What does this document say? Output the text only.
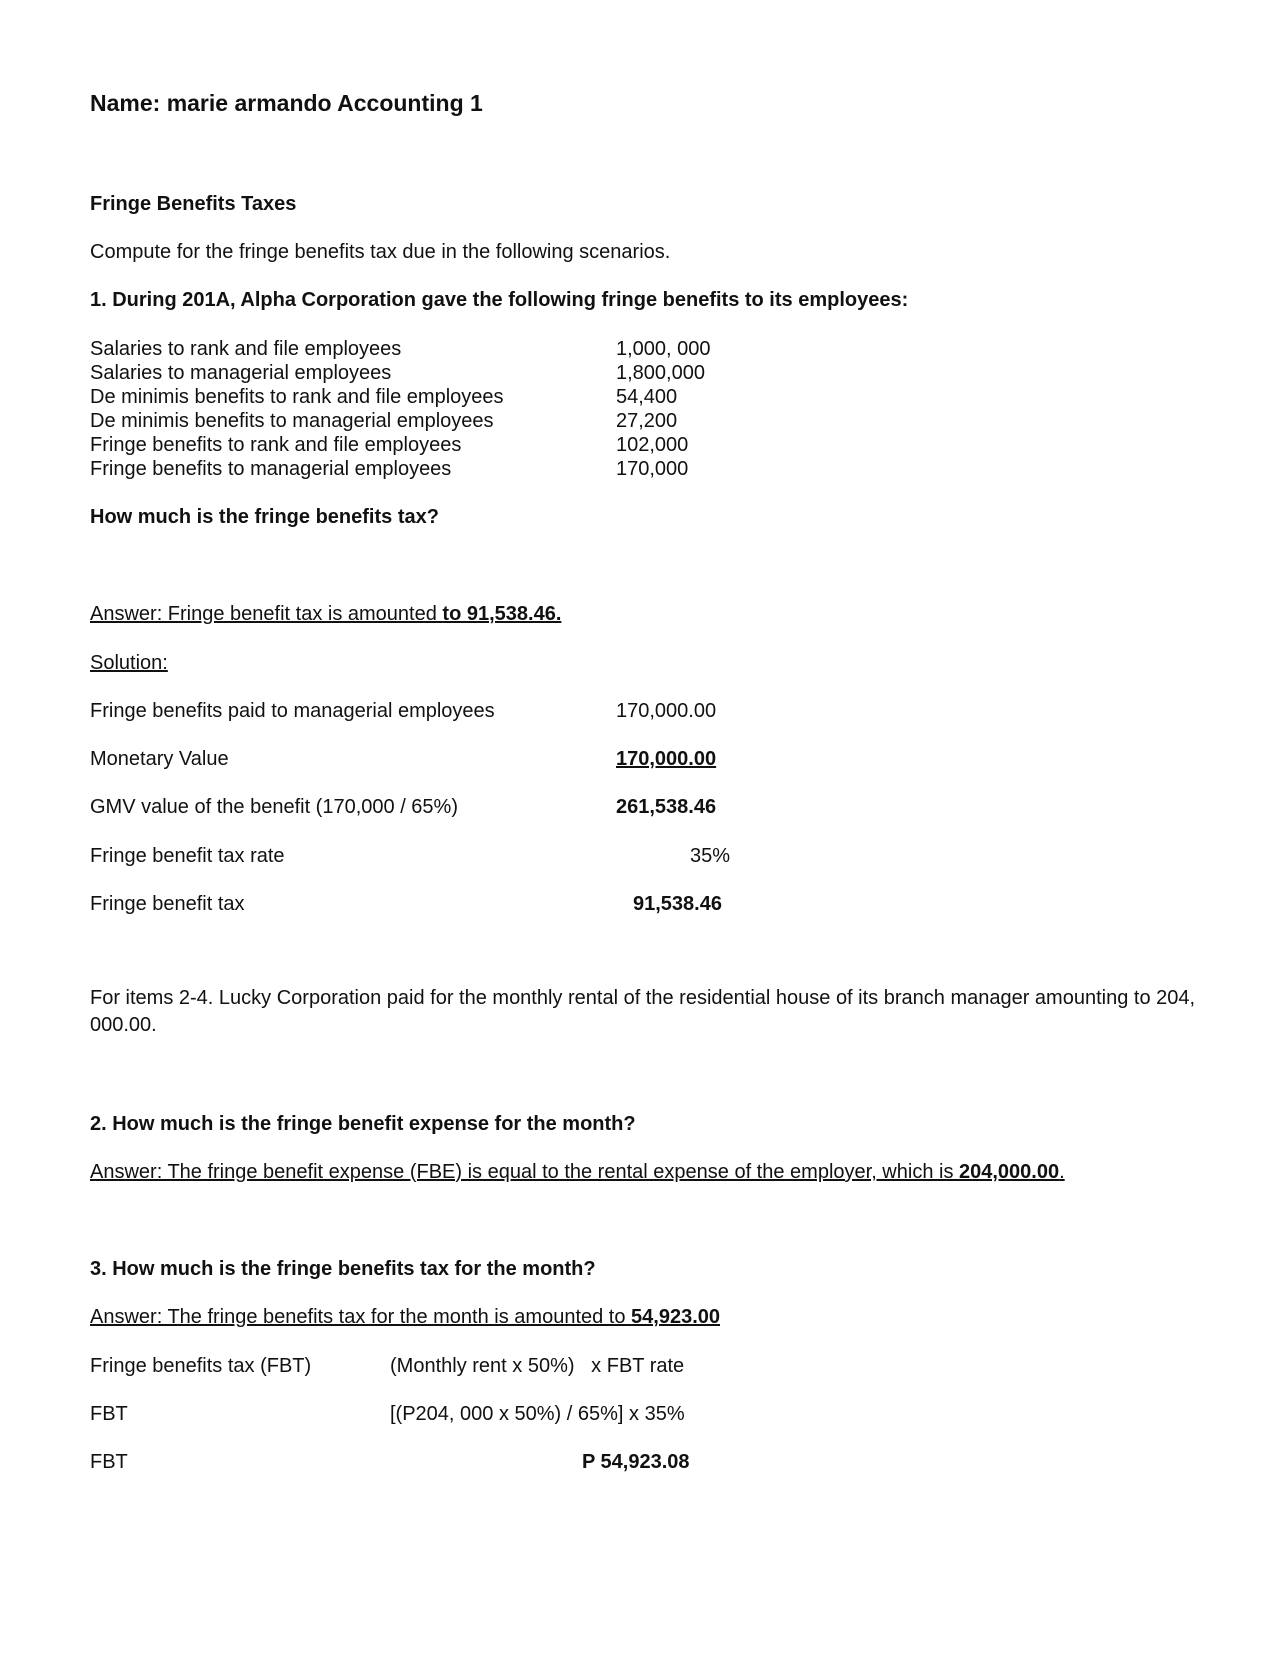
Name: marie armando Accounting 1
Fringe Benefits Taxes
Compute for the fringe benefits tax due in the following scenarios.
1. During 201A, Alpha Corporation gave the following fringe benefits to its employees:
Salaries to rank and file employees	1,000, 000
Salaries to managerial employees	1,800,000
De minimis benefits to rank and file employees	54,400
De minimis benefits to managerial employees	27,200
Fringe benefits to rank and file employees	102,000
Fringe benefits to managerial employees	170,000
How much is the fringe benefits tax?
Answer: Fringe benefit tax is amounted to 91,538.46.
Solution:
Fringe benefits paid to managerial employees	170,000.00
Monetary Value	170,000.00
GMV value of the benefit (170,000 / 65%)	261,538.46
Fringe benefit tax rate	35%
Fringe benefit tax	91,538.46
For items 2-4. Lucky Corporation paid for the monthly rental of the residential house of its branch manager amounting to 204, 000.00.
2. How much is the fringe benefit expense for the month?
Answer: The fringe benefit expense (FBE) is equal to the rental expense of the employer, which is 204,000.00.
3. How much is the fringe benefits tax for the month?
Answer: The fringe benefits tax for the month is amounted to 54,923.00
Fringe benefits tax (FBT)	(Monthly rent x 50%)   x FBT rate
FBT	[(P204, 000 x 50%) / 65%] x 35%
FBT	P 54,923.08
